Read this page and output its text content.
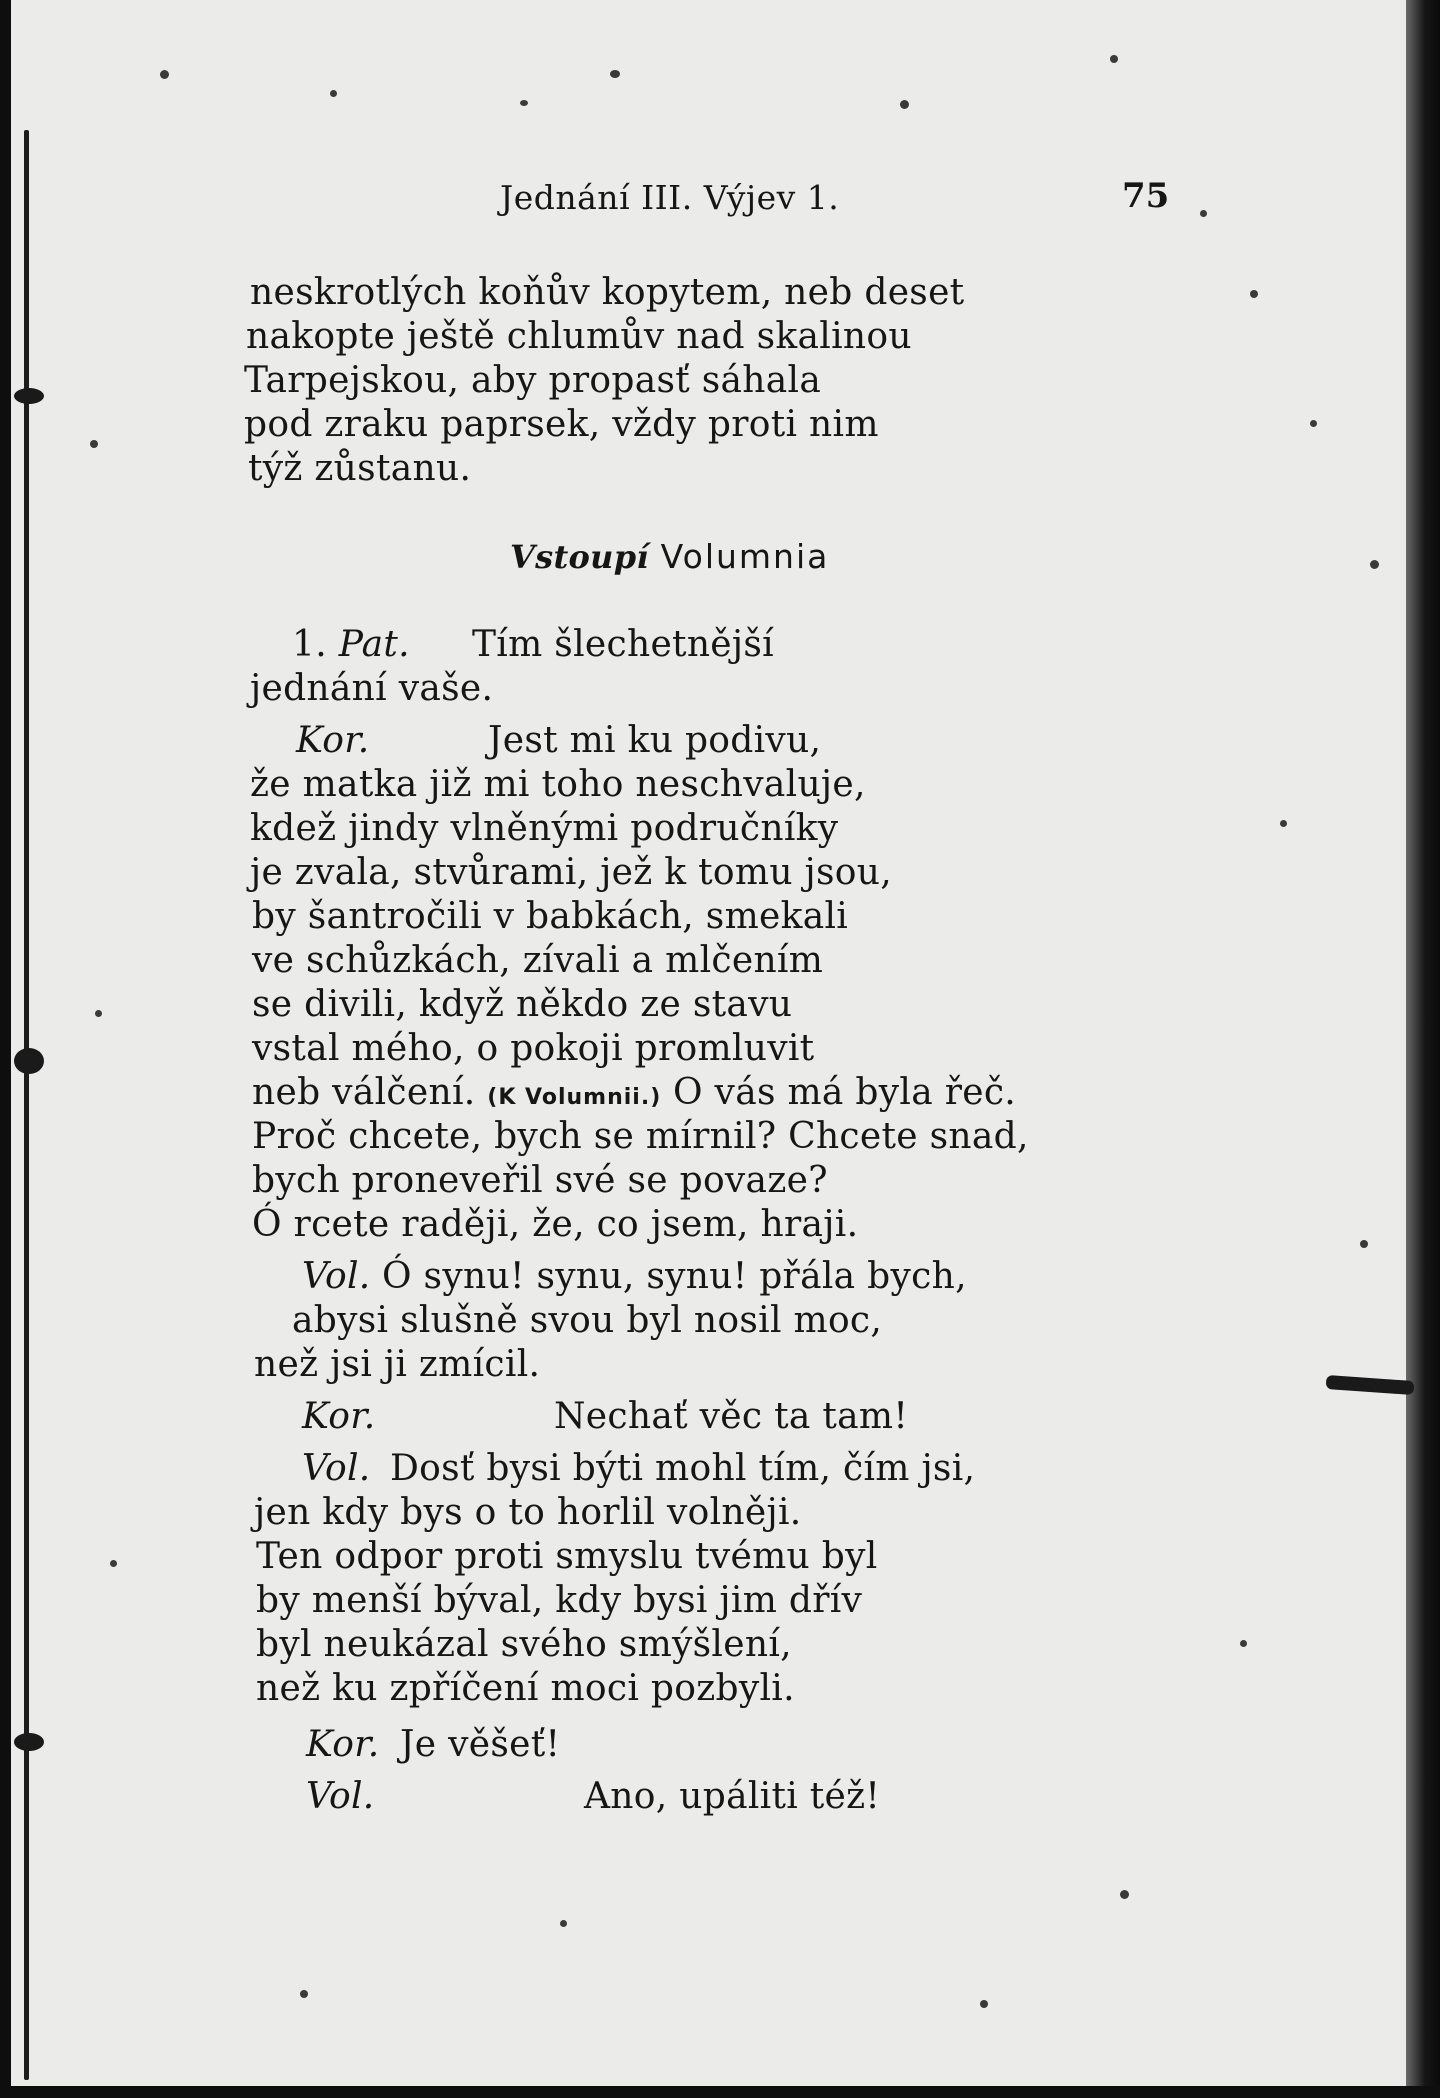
Jednání III. Výjev 1.	75
neskrotlých koňův kopytem, neb deset
nakopte ještě chlumův nad skalinou
Tarpejskou, aby propasť sáhala
pod zraku paprsek, vždy proti nim
týž zůstanu.
Vstoupí Volumnia
1. Pat. Tím šlechetnější
jednání vaše.
Kor.	Jest mi ku podivu,
že matka již mi toho neschvaluje,
kdež jindy vlněnými područníky
je zvala, stvůrami, jež k tomu jsou,
by šantročili v babkách, smekali
ve schůzkách, zívali a mlčením
se divili, když někdo ze stavu
vstal mého, o pokoji promluvit
neb válčení. (K Volumnii.) O vás má byla řeč.
Proč chcete, bych se mírnil? Chcete snad,
bych proneveřil své se povaze?
Ó rcete raději, že, co jsem, hraji.
Vol. Ó synu! synu, synu! přála bych,
abysi slušně svou byl nosil moc,
než jsi ji zmícil.
Kor.	Nechať věc ta tam!
Vol. Dosť bysi býti mohl tím, čím jsi,
jen kdy bys o to horlil volněji.
Ten odpor proti smyslu tvému byl
by menší býval, kdy bysi jim dřív
byl neukázal svého smýšlení,
než ku zpříčení moci pozbyli.
Kor. Je věšeť!
Vol.	Ano, upáliti též!
